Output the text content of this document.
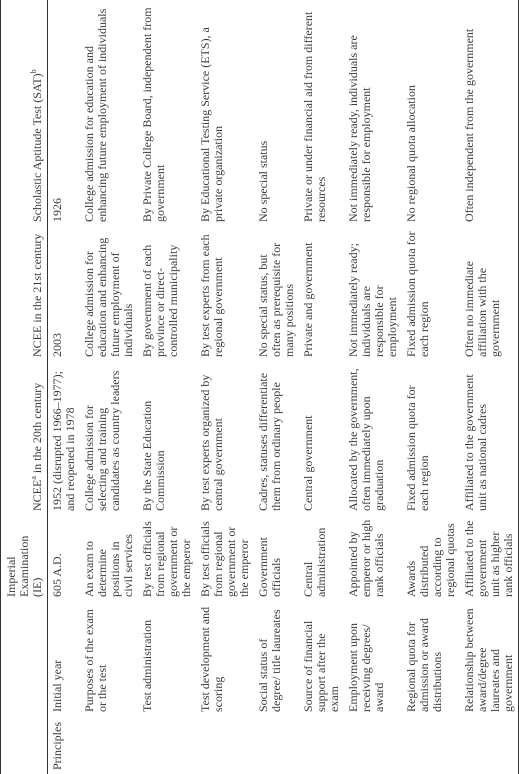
		Imperial Examination (IE)	NCEE$^a$ in the 20th century	NCEE in the 21st century	Scholastic Aptitude Test (SAT)$^b$
Principles	Initial year	605 A.D.	1952 (disrupted 1966–1977); and reopened in 1978	2003	1926
	Purposes of the exam or the test	An exam to determine positions in civil services	College admission for selecting and training candidates as country leaders	College admission for education and enhancing future employment of individuals	College admission for education and enhancing future employment of individuals
	Test administration	By test officials from regional government or the emperor	By the State Education Commission	By government of each province or direct-controlled municipality	By Private College Board, independent from government
	Test development and scoring	By test officials from regional government or the emperor	By test experts organized by central government	By test experts from each regional government	By Educational Testing Service (ETS), a private organization
	Social status of degree/ title laureates	Government officials	Cadres, statuses differentiate them from ordinary people	No special status, but often as prerequisite for many positions	No special status
	Source of financial support after the exam	Central administration	Central government	Private and government	Private or under financial aid from different resources
	Employment upon receiving degrees/ award	Appointed by emperor or high rank officials	Allocated by the government, often immediately upon graduation	Not immediately ready; individuals are responsible for employment	Not immediately ready, individuals are responsible for employment
	Regional quota for admission or award distributions	Awards distributed according to regional quotas	Fixed admission quota for each region	Fixed admission quota for each region	No regional quota allocation
	Relationship between award/degree laureates and government	Affiliated to the government unit as higher rank officials	Affiliated to the government unit as national cadres	Often no immediate affiliation with the government	Often independent from the government
